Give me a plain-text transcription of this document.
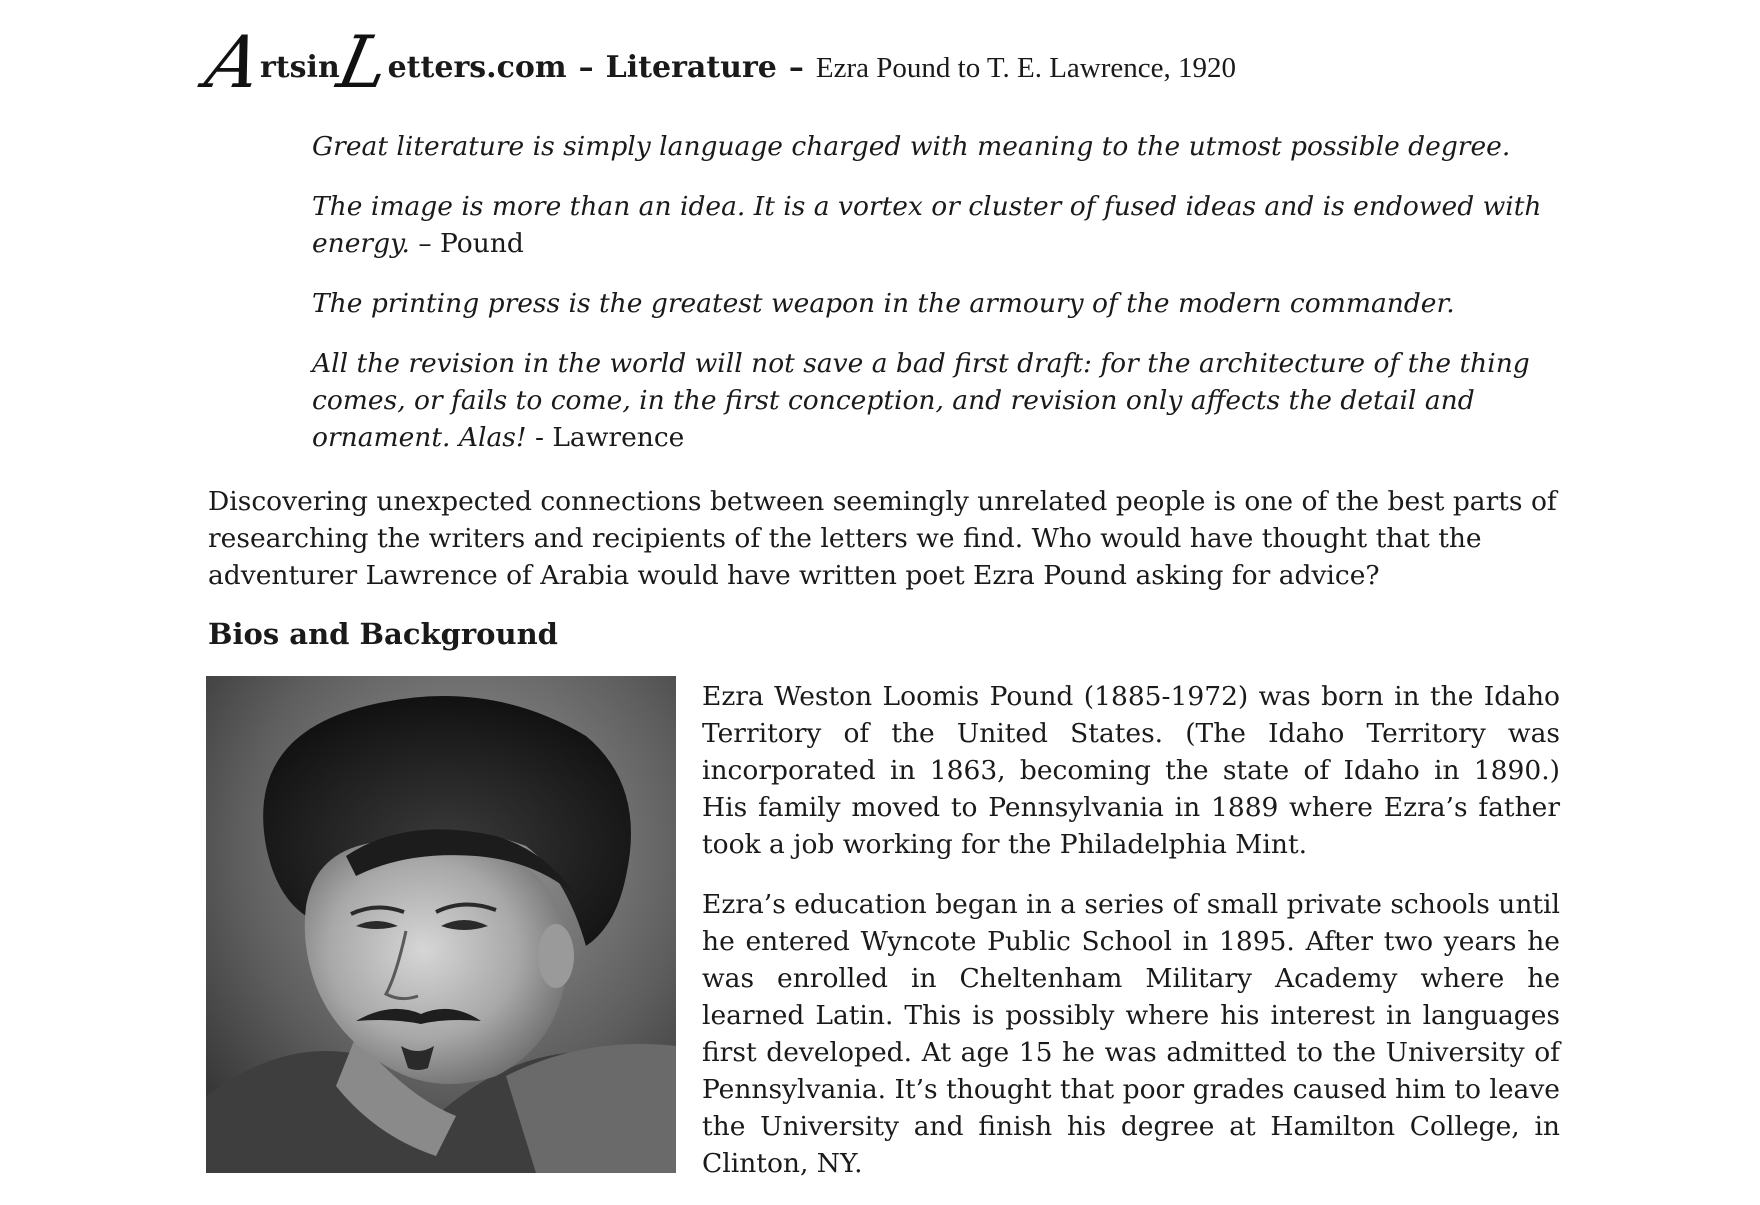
A
rtsin
L
etters.com – Literature – Ezra Pound to T. E. Lawrence, 1920

Great literature is simply language charged with meaning to the utmost possible degree.

The image is more than an idea. It is a vortex or cluster of fused ideas and is endowed with energy. – Pound

The printing press is the greatest weapon in the armoury of the modern commander.

All the revision in the world will not save a bad first draft: for the architecture of the thing comes, or fails to come, in the first conception, and revision only affects the detail and ornament. Alas! - Lawrence

Discovering unexpected connections between seemingly unrelated people is one of the best parts of researching the writers and recipients of the letters we find. Who would have thought that the adventurer Lawrence of Arabia would have written poet Ezra Pound asking for advice?

Bios and Background

Ezra Weston Loomis Pound (1885-1972) was born in the Idaho Territory of the United States. (The Idaho Territory was incorporated in 1863, becoming the state of Idaho in 1890.) His family moved to Pennsylvania in 1889 where Ezra’s father took a job working for the Philadelphia Mint.

Ezra’s education began in a series of small private schools until he entered Wyncote Public School in 1895. After two years he was enrolled in Cheltenham Military Academy where he learned Latin. This is possibly where his interest in languages first developed. At age 15 he was admitted to the University of Pennsylvania. It’s thought that poor grades caused him to leave the University and finish his degree at Hamilton College, in Clinton, NY.
